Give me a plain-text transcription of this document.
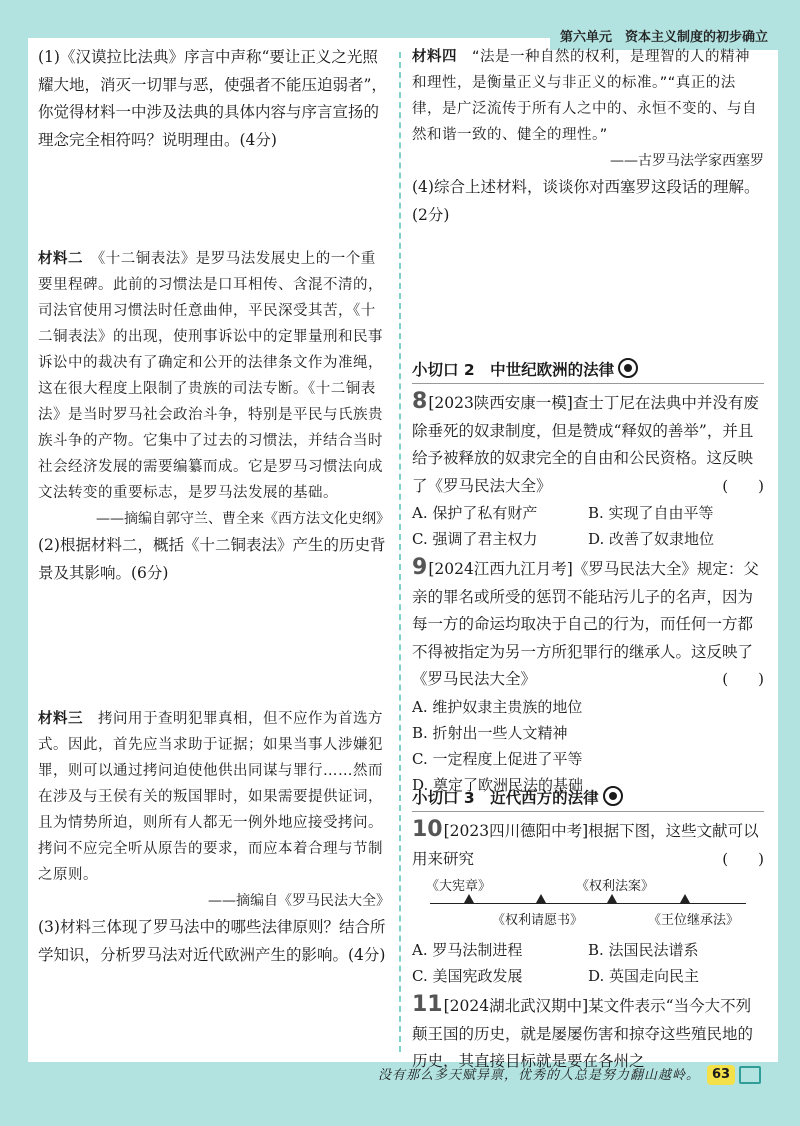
第六单元　资本主义制度的初步确立

(1)《汉谟拉比法典》序言中声称“要让正义之光照耀大地，消灭一切罪与恶，使强者不能压迫弱者”，你觉得材料一中涉及法典的具体内容与序言宣扬的理念完全相符吗？说明理由。(4分)

材料二　 《十二铜表法》是罗马法发展史上的一个重要里程碑。此前的习惯法是口耳相传、含混不清的，司法官使用习惯法时任意曲伸，平民深受其苦，《十二铜表法》的出现，使刑事诉讼中的定罪量刑和民事诉讼中的裁决有了确定和公开的法律条文作为准绳，这在很大程度上限制了贵族的司法专断。《十二铜表法》是当时罗马社会政治斗争，特别是平民与氏族贵族斗争的产物。它集中了过去的习惯法，并结合当时社会经济发展的需要编纂而成。它是罗马习惯法向成文法转变的重要标志，是罗马法发展的基础。

——摘编自郭守兰、曹全来《西方法文化史纲》

(2)根据材料二，概括《十二铜表法》产生的历史背景及其影响。(6分)

材料三　 拷问用于查明犯罪真相，但不应作为首选方式。因此，首先应当求助于证据；如果当事人涉嫌犯罪，则可以通过拷问迫使他供出同谋与罪行……然而在涉及与王侯有关的叛国罪时，如果需要提供证词，且为情势所迫，则所有人都无一例外地应接受拷问。拷问不应完全听从原告的要求，而应本着合理与节制之原则。

——摘编自《罗马民法大全》

(3)材料三体现了罗马法中的哪些法律原则？结合所学知识，分析罗马法对近代欧洲产生的影响。(4分)

材料四　 “法是一种自然的权利，是理智的人的精神和理性，是衡量正义与非正义的标准。”“真正的法律，是广泛流传于所有人之中的、永恒不变的、与自然和谐一致的、健全的理性。”

——古罗马法学家西塞罗

(4)综合上述材料，谈谈你对西塞罗这段话的理解。(2分)

小切口 2　中世纪欧洲的法律

8[2023陕西安康一模]查士丁尼在法典中并没有废除垂死的奴隶制度，但是赞成“释奴的善举”，并且给予被释放的奴隶完全的自由和公民资格。这反映了《罗马民法大全》	(　　)

A. 保护了私有财产	B. 实现了自由平等
C. 强调了君主权力	D. 改善了奴隶地位

9[2024江西九江月考]《罗马民法大全》规定：父亲的罪名或所受的惩罚不能玷污儿子的名声，因为每一方的命运均取决于自己的行为，而任何一方都不得被指定为另一方所犯罪行的继承人。这反映了《罗马民法大全》	(　　)

A. 维护奴隶主贵族的地位

B. 折射出一些人文精神

C. 一定程度上促进了平等

D. 奠定了欧洲民法的基础

小切口 3　近代西方的法律

10[2023四川德阳中考]根据下图，这些文献可以用来研究	(　　)

《大宪章》	《权利法案》
《权利请愿书》	《王位继承法》
A. 罗马法制进程	B. 法国民法谱系
C. 美国宪政发展	D. 英国走向民主

11[2024湖北武汉期中]某文件表示“当今大不列颠王国的历史，就是屡屡伤害和掠夺这些殖民地的历史，其直接目标就是要在各州之

没有那么多天赋异禀，优秀的人总是努力翻山越岭。 63
